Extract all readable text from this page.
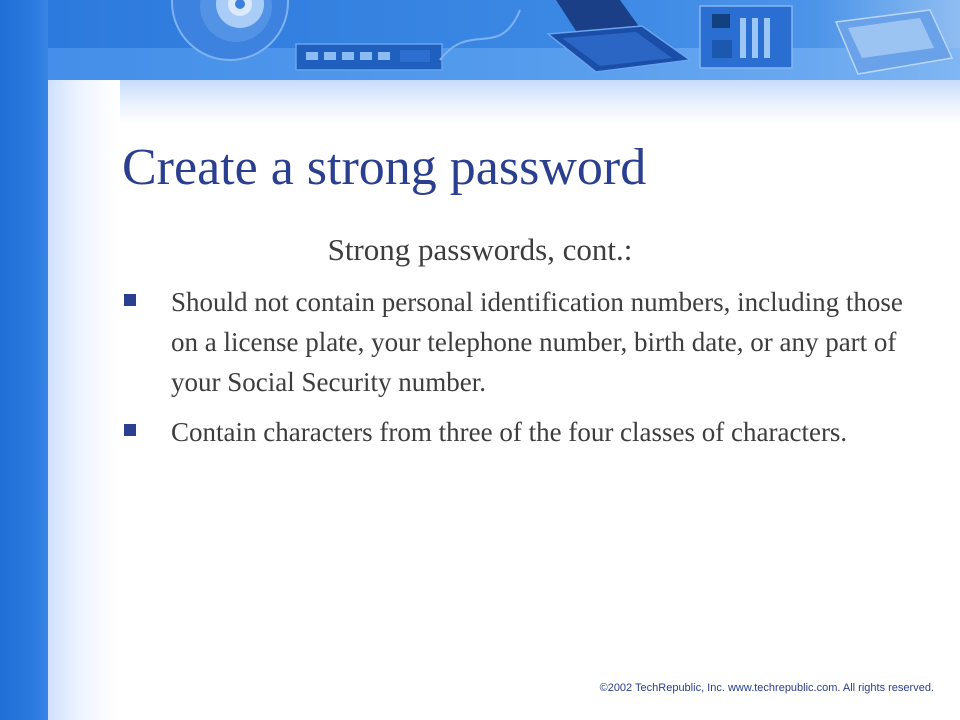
Create a strong password
Strong passwords, cont.:
Should not contain personal identification numbers, including those on a license plate, your telephone number, birth date, or any part of your Social Security number.
Contain characters from three of the four classes of characters.
©2002 TechRepublic, Inc. www.techrepublic.com. All rights reserved.
